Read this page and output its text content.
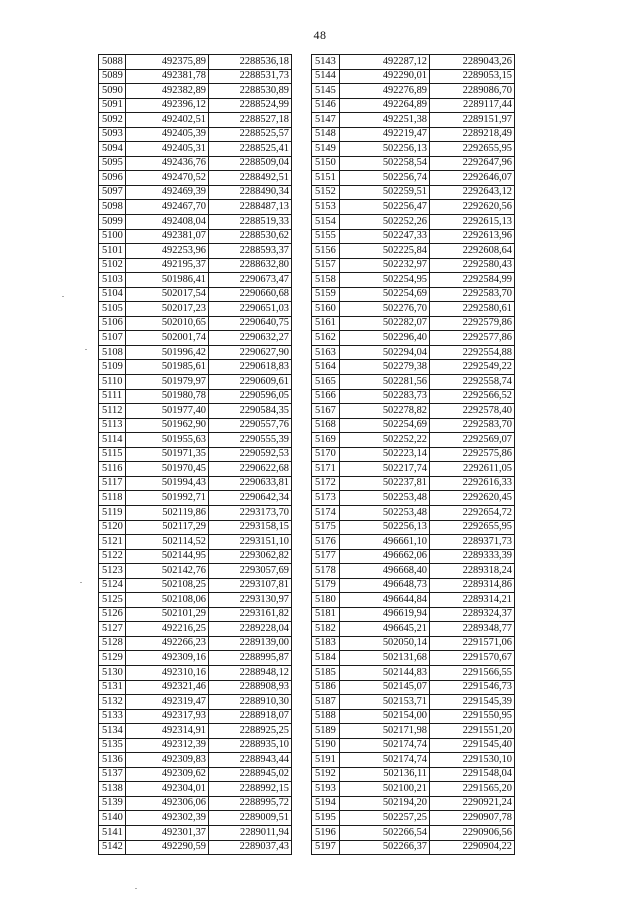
48
5088	492375,89	2288536,18
5089	492381,78	2288531,73
5090	492382,89	2288530,89
5091	492396,12	2288524,99
5092	492402,51	2288527,18
5093	492405,39	2288525,57
5094	492405,31	2288525,41
5095	492436,76	2288509,04
5096	492470,52	2288492,51
5097	492469,39	2288490,34
5098	492467,70	2288487,13
5099	492408,04	2288519,33
5100	492381,07	2288530,62
5101	492253,96	2288593,37
5102	492195,37	2288632,80
5103	501986,41	2290673,47
5104	502017,54	2290660,68
5105	502017,23	2290651,03
5106	502010,65	2290640,75
5107	502001,74	2290632,27
5108	501996,42	2290627,90
5109	501985,61	2290618,83
5110	501979,97	2290609,61
5111	501980,78	2290596,05
5112	501977,40	2290584,35
5113	501962,90	2290557,76
5114	501955,63	2290555,39
5115	501971,35	2290592,53
5116	501970,45	2290622,68
5117	501994,43	2290633,81
5118	501992,71	2290642,34
5119	502119,86	2293173,70
5120	502117,29	2293158,15
5121	502114,52	2293151,10
5122	502144,95	2293062,82
5123	502142,76	2293057,69
5124	502108,25	2293107,81
5125	502108,06	2293130,97
5126	502101,29	2293161,82
5127	492216,25	2289228,04
5128	492266,23	2289139,00
5129	492309,16	2288995,87
5130	492310,16	2288948,12
5131	492321,46	2288908,93
5132	492319,47	2288910,30
5133	492317,93	2288918,07
5134	492314,91	2288925,25
5135	492312,39	2288935,10
5136	492309,83	2288943,44
5137	492309,62	2288945,02
5138	492304,01	2288992,15
5139	492306,06	2288995,72
5140	492302,39	2289009,51
5141	492301,37	2289011,94
5142	492290,59	2289037,43
5143	492287,12	2289043,26
5144	492290,01	2289053,15
5145	492276,89	2289086,70
5146	492264,89	2289117,44
5147	492251,38	2289151,97
5148	492219,47	2289218,49
5149	502256,13	2292655,95
5150	502258,54	2292647,96
5151	502256,74	2292646,07
5152	502259,51	2292643,12
5153	502256,47	2292620,56
5154	502252,26	2292615,13
5155	502247,33	2292613,96
5156	502225,84	2292608,64
5157	502232,97	2292580,43
5158	502254,95	2292584,99
5159	502254,69	2292583,70
5160	502276,70	2292580,61
5161	502282,07	2292579,86
5162	502296,40	2292577,86
5163	502294,04	2292554,88
5164	502279,38	2292549,22
5165	502281,56	2292558,74
5166	502283,73	2292566,52
5167	502278,82	2292578,40
5168	502254,69	2292583,70
5169	502252,22	2292569,07
5170	502223,14	2292575,86
5171	502217,74	2292611,05
5172	502237,81	2292616,33
5173	502253,48	2292620,45
5174	502253,48	2292654,72
5175	502256,13	2292655,95
5176	496661,10	2289371,73
5177	496662,06	2289333,39
5178	496668,40	2289318,24
5179	496648,73	2289314,86
5180	496644,84	2289314,21
5181	496619,94	2289324,37
5182	496645,21	2289348,77
5183	502050,14	2291571,06
5184	502131,68	2291570,67
5185	502144,83	2291566,55
5186	502145,07	2291546,73
5187	502153,71	2291545,39
5188	502154,00	2291550,95
5189	502171,98	2291551,20
5190	502174,74	2291545,40
5191	502174,74	2291530,10
5192	502136,11	2291548,04
5193	502100,21	2291565,20
5194	502194,20	2290921,24
5195	502257,25	2290907,78
5196	502266,54	2290906,56
5197	502266,37	2290904,22
